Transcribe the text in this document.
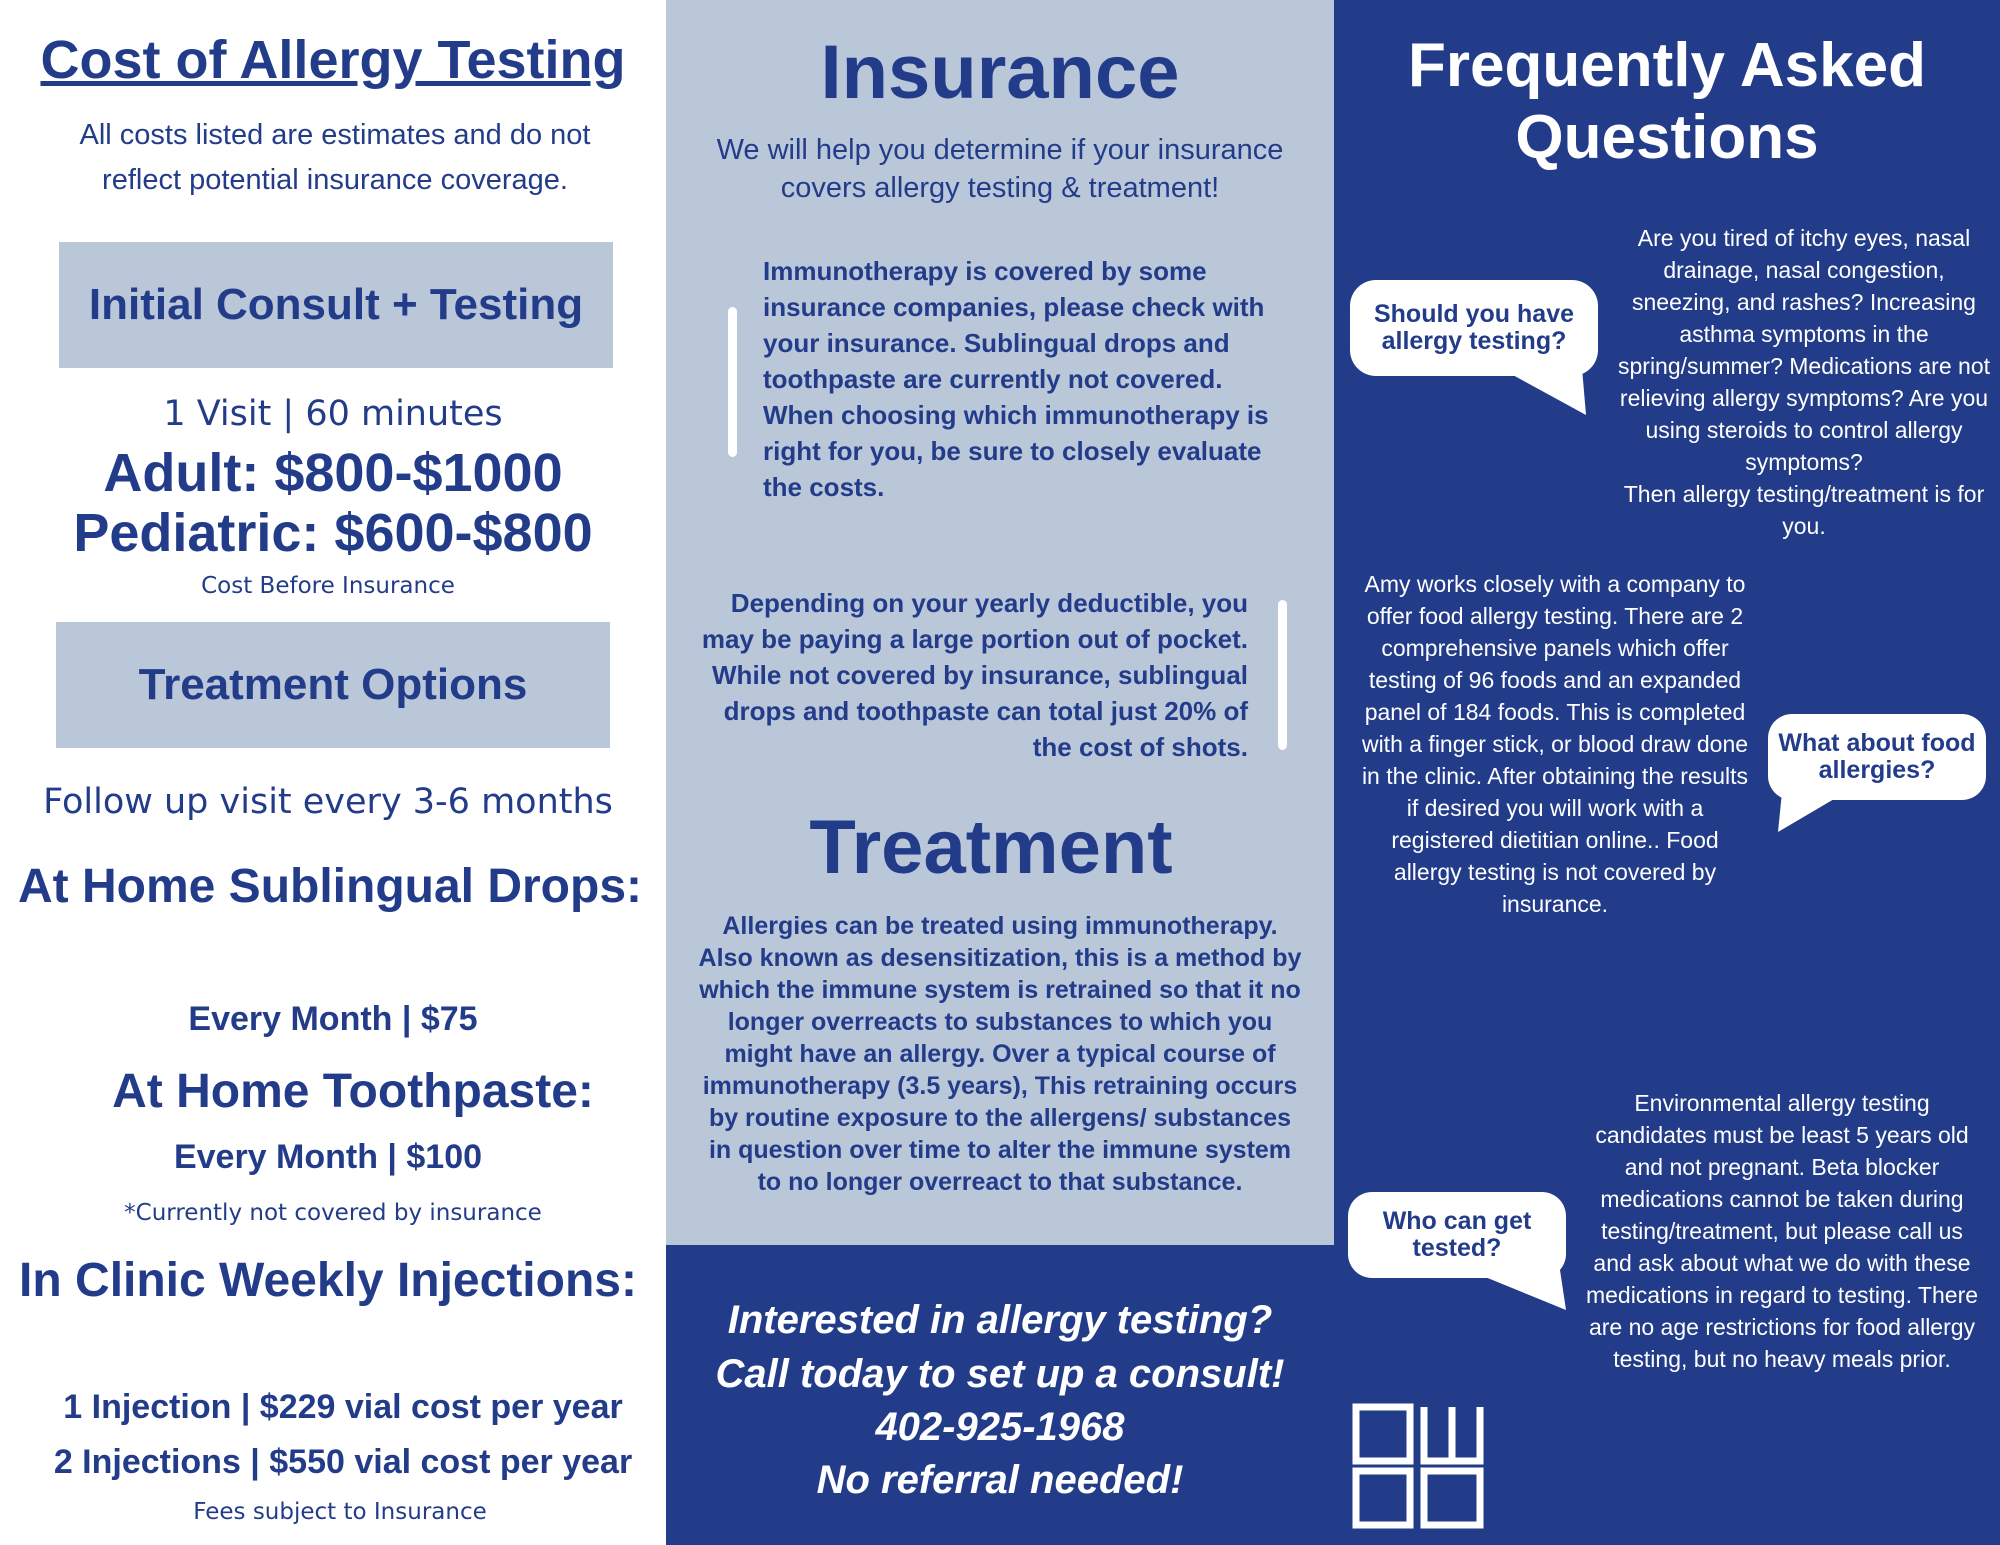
Cost of Allergy Testing
All costs listed are estimates and do not reflect potential insurance coverage.
Initial Consult + Testing
1 Visit | 60 minutes
Adult: $800-$1000
Pediatric: $600-$800
Cost Before Insurance
Treatment Options
Follow up visit every 3-6 months
At Home Sublingual Drops:
Every Month | $75
At Home Toothpaste:
Every Month | $100
*Currently not covered by insurance
In Clinic Weekly Injections:
1 Injection | $229 vial cost per year
2 Injections | $550 vial cost per year
Fees subject to Insurance
Insurance
We will help you determine if your insurance covers allergy testing & treatment!
Immunotherapy is covered by some insurance companies, please check with your insurance. Sublingual drops and toothpaste are currently not covered. When choosing which immunotherapy is right for you, be sure to closely evaluate the costs.
Depending on your yearly deductible, you may be paying a large portion out of pocket. While not covered by insurance, sublingual drops and toothpaste can total just 20% of the cost of shots.
Treatment
Allergies can be treated using immunotherapy. Also known as desensitization, this is a method by which the immune system is retrained so that it no longer overreacts to substances to which you might have an allergy. Over a typical course of immunotherapy (3.5 years), This retraining occurs by routine exposure to the allergens/ substances in question over time to alter the immune system to no longer overreact to that substance.
Interested in allergy testing?
Call today to set up a consult!
402-925-1968
No referral needed!
Frequently Asked Questions
Should you have allergy testing?
Are you tired of itchy eyes, nasal drainage, nasal congestion, sneezing, and rashes? Increasing asthma symptoms in the spring/summer? Medications are not relieving allergy symptoms? Are you using steroids to control allergy symptoms?
Then allergy testing/treatment is for you.
Amy works closely with a company to offer food allergy testing. There are 2 comprehensive panels which offer testing of 96 foods and an expanded panel of 184 foods. This is completed with a finger stick, or blood draw done in the clinic. After obtaining the results if desired you will work with a registered dietitian online.. Food allergy testing is not covered by insurance.
What about food allergies?
Who can get tested?
Environmental allergy testing candidates must be least 5 years old and not pregnant. Beta blocker medications cannot be taken during testing/treatment, but please call us and ask about what we do with these medications in regard to testing. There are no age restrictions for food allergy testing, but no heavy meals prior.
